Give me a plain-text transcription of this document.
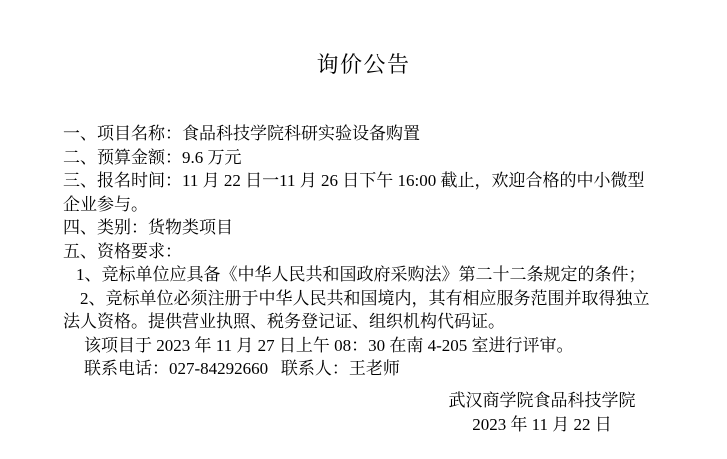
询价公告
一、项目名称：食品科技学院科研实验设备购置
二、预算金额：9.6 万元
三、报名时间：11 月 22 日一11 月 26 日下午 16:00 截止，欢迎合格的中小微型
企业参与。
四、类别：货物类项目
五、资格要求：
1、竞标单位应具备《中华人民共和国政府采购法》第二十二条规定的条件；
2、竞标单位必须注册于中华人民共和国境内，其有相应服务范围并取得独立
法人资格。提供营业执照、税务登记证、组织机构代码证。
该项目于 2023 年 11 月 27 日上午 08：30 在南 4-205 室进行评审。
联系电话：027-84292660   联系人：王老师
武汉商学院食品科技学院
2023 年 11 月 22 日
